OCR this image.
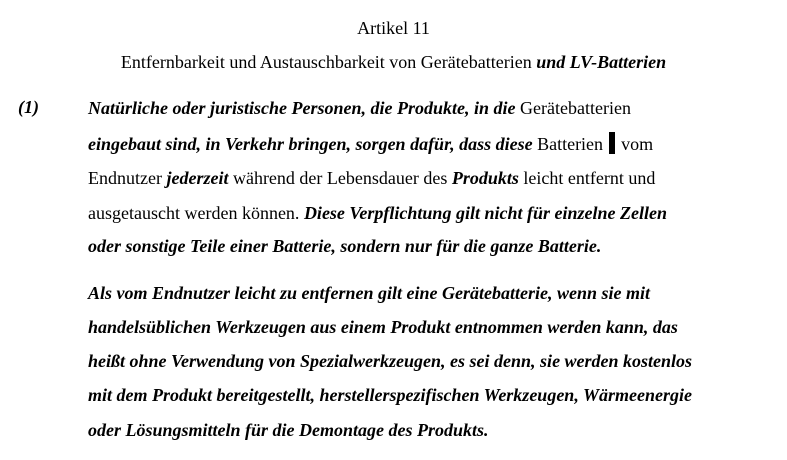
Artikel 11
Entfernbarkeit und Austauschbarkeit von Gerätebatterien und LV-Batterien
(1)	Natürliche oder juristische Personen, die Produkte, in die Gerätebatterien
eingebaut sind, in Verkehr bringen, sorgen dafür, dass diese Batterien vom
Endnutzer jederzeit während der Lebensdauer des Produkts leicht entfernt und
ausgetauscht werden können. Diese Verpflichtung gilt nicht für einzelne Zellen
oder sonstige Teile einer Batterie, sondern nur für die ganze Batterie.
Als vom Endnutzer leicht zu entfernen gilt eine Gerätebatterie, wenn sie mit
handelsüblichen Werkzeugen aus einem Produkt entnommen werden kann, das
heißt ohne Verwendung von Spezialwerkzeugen, es sei denn, sie werden kostenlos
mit dem Produkt bereitgestellt, herstellerspezifischen Werkzeugen, Wärmeenergie
oder Lösungsmitteln für die Demontage des Produkts.
